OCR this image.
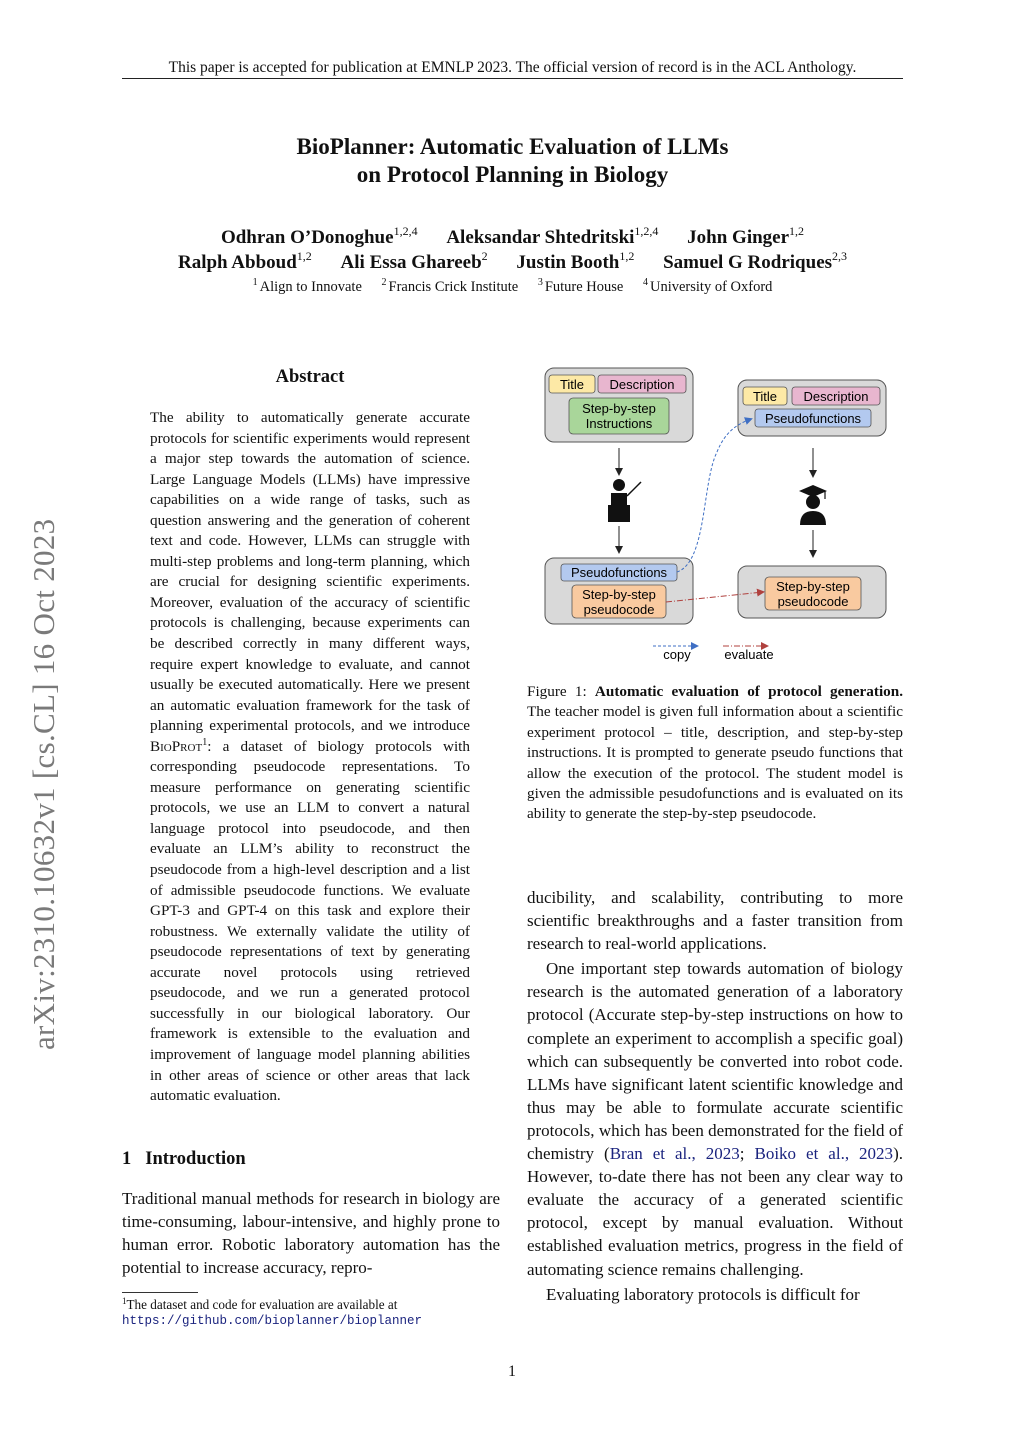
This paper is accepted for publication at EMNLP 2023. The official version of record is in the ACL Anthology.
BioPlanner: Automatic Evaluation of LLMs
on Protocol Planning in Biology
Odhran O’Donoghue$^{1,2,4}$ Aleksandar Shtedritski$^{1,2,4}$ John Ginger$^{1,2}$
Ralph Abboud$^{1,2}$ Ali Essa Ghareeb$^2$ Justin Booth$^{1,2}$ Samuel G Rodriques$^{2,3}$
$^1$ Align to Innovate $^2$ Francis Crick Institute $^3$ Future House $^4$ University of Oxford
arXiv:2310.10632v1 [cs.CL] 16 Oct 2023
Abstract
The ability to automatically generate accurate protocols for scientific experiments would represent a major step towards the automation of science. Large Language Models (LLMs) have impressive capabilities on a wide range of tasks, such as question answering and the generation of coherent text and code. However, LLMs can struggle with multi-step problems and long-term planning, which are crucial for designing scientific experiments. Moreover, evaluation of the accuracy of scientific protocols is challenging, because experiments can be described correctly in many different ways, require expert knowledge to evaluate, and cannot usually be executed automatically. Here we present an automatic evaluation framework for the task of planning experimental protocols, and we introduce BioProt$^1$: a dataset of biology protocols with corresponding pseudocode representations. To measure performance on generating scientific protocols, we use an LLM to convert a natural language protocol into pseudocode, and then evaluate an LLM’s ability to reconstruct the pseudocode from a high-level description and a list of admissible pseudocode functions. We evaluate GPT-3 and GPT-4 on this task and explore their robustness. We externally validate the utility of pseudocode representations of text by generating accurate novel protocols using retrieved pseudocode, and we run a generated protocol successfully in our biological laboratory. Our framework is extensible to the evaluation and improvement of language model planning abilities in other areas of science or other areas that lack automatic evaluation.
1 Introduction
Traditional manual methods for research in biology are time-consuming, labour-intensive, and highly prone to human error. Robotic laboratory automation has the potential to increase accuracy, repro-
$^1$The dataset and code for evaluation are available at
https://github.com/bioplanner/bioplanner
Title Description
Step-by-step
Instructions
Title Description
Pseudofunctions
Pseudofunctions
Step-by-step
pseudocode
Step-by-step
pseudocode
copy	evaluate
Figure 1: Automatic evaluation of protocol generation. The teacher model is given full information about a scientific experiment protocol – title, description, and step-by-step instructions. It is prompted to generate pseudo functions that allow the execution of the protocol. The student model is given the admissible pesudofunctions and is evaluated on its ability to generate the step-by-step pseudocode.

ducibility, and scalability, contributing to more scientific breakthroughs and a faster transition from research to real-world applications.

One important step towards automation of biology research is the automated generation of a laboratory protocol (Accurate step-by-step instructions on how to complete an experiment to accomplish a specific goal) which can subsequently be converted into robot code. LLMs have significant latent scientific knowledge and thus may be able to formulate accurate scientific protocols, which has been demonstrated for the field of chemistry (Bran et al., 2023; Boiko et al., 2023). However, to-date there has not been any clear way to evaluate the accuracy of a generated scientific protocol, except by manual evaluation. Without established evaluation metrics, progress in the field of automating science remains challenging.

Evaluating laboratory protocols is difficult for

1
